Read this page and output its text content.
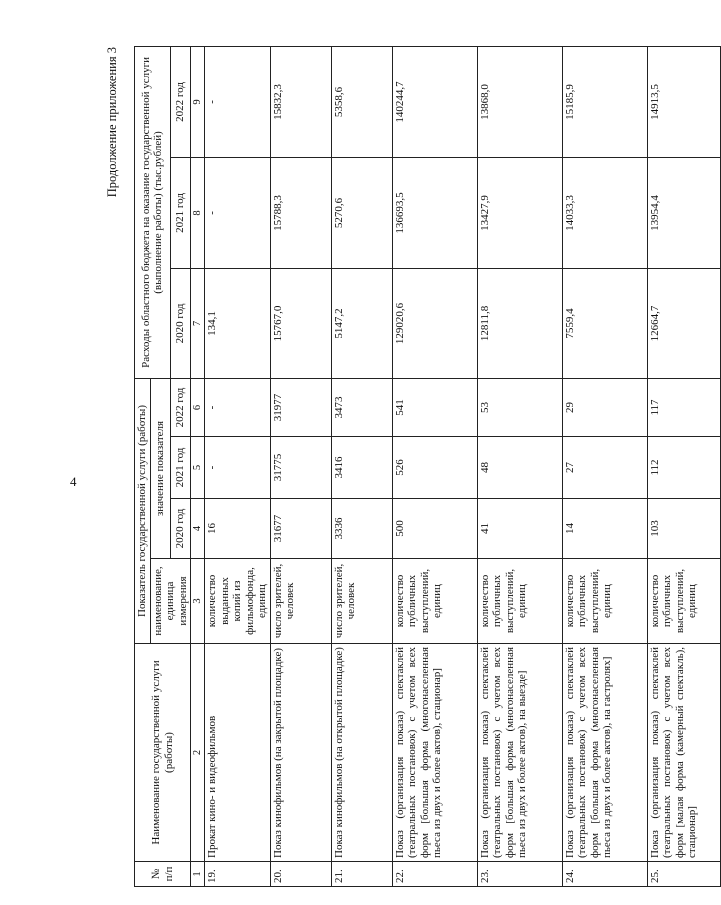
4
Продолжение приложения 3
№ п/п	Наименование государственной услуги (работы)	Показатель государственной услуги (работы)				Расходы областного бюджета на оказание государственной услуги (выполнение работы) (тыс.рублей)		
		наименование, единица измерения	значение показателя					
			2020 год	2021 год	2022 год	2020 год	2021 год	2022 год
1	2	3	4	5	6	7	8	9
19.	Прокат кино- и видеофильмов	количество выданных копий из фильмофонда, единиц	16	-	-	134,1	-	-
20.	Показ кинофильмов (на закрытой площадке)	число зрителей, человек	31677	31775	31977	15767,0	15788,3	15832,3
21.	Показ кинофильмов (на открытой площадке)	число зрителей, человек	3336	3416	3473	5147,2	5270,6	5358,6
22.	Показ (организация показа) спектаклей (театральных постановок) с учетом всех форм [большая форма (многонаселенная пьеса из двух и более актов), стационар]	количество публичных выступлений, единиц	500	526	541	129020,6	136693,5	140244,7
23.	Показ (организация показа) спектаклей (театральных постановок) с учетом всех форм [большая форма (многонаселенная пьеса из двух и более актов), на выезде]	количество публичных выступлений, единиц	41	48	53	12811,8	13427,9	13868,0
24.	Показ (организация показа) спектаклей (театральных постановок) с учетом всех форм [большая форма (многонаселенная пьеса из двух и более актов), на гастролях]	количество публичных выступлений, единиц	14	27	29	7559,4	14033,3	15185,9
25.	Показ (организация показа) спектаклей (театральных постановок) с учетом всех форм [малая форма (камерный спектакль), стационар]	количество публичных выступлений, единиц	103	112	117	12664,7	13954,4	14913,5
